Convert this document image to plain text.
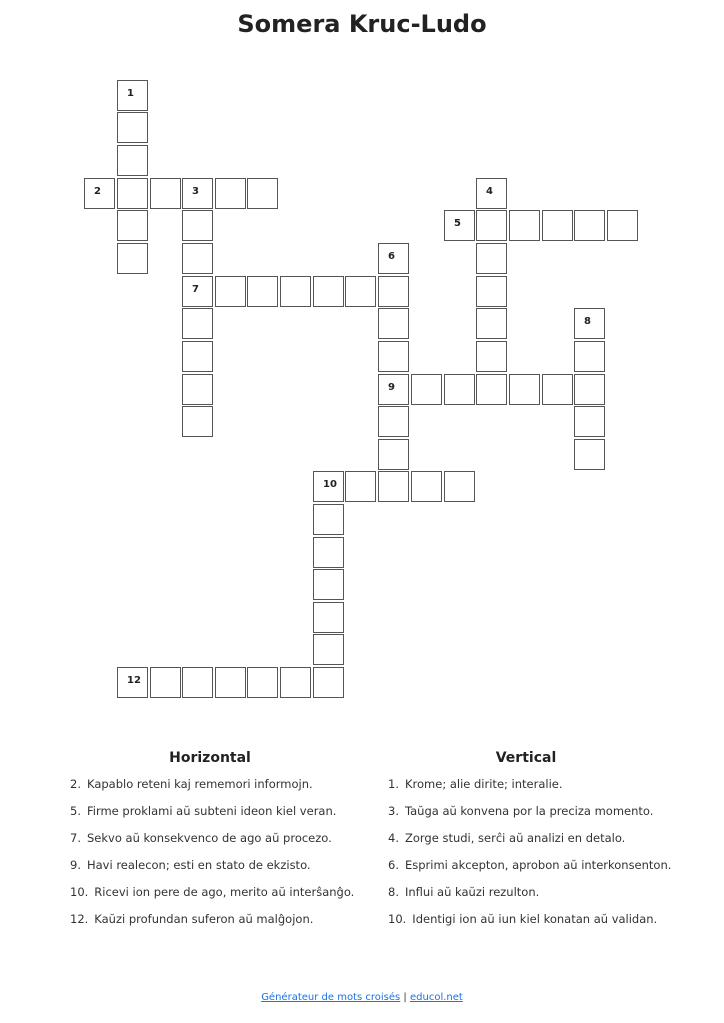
Somera Kruc-Ludo
1
2	3
7
6
9
4
5
8
10
12
Horizontal
2. Kapablo reteni kaj rememori informojn.
5. Firme proklami aŭ subteni ideon kiel veran.
7. Sekvo aŭ konsekvenco de ago aŭ procezo.
9. Havi realecon; esti en stato de ekzisto.
10. Ricevi ion pere de ago, merito aŭ interŝanĝo.
12. Kaŭzi profundan suferon aŭ malĝojon.
Vertical
1. Krome; alie dirite; interalie.
3. Taŭga aŭ konvena por la preciza momento.
4. Zorge studi, serĉi aŭ analizi en detalo.
6. Esprimi akcepton, aprobon aŭ interkonsenton.
8. Influi aŭ kaŭzi rezulton.
10. Identigi ion aŭ iun kiel konatan aŭ validan.
Générateur de mots croisés | educol.net
